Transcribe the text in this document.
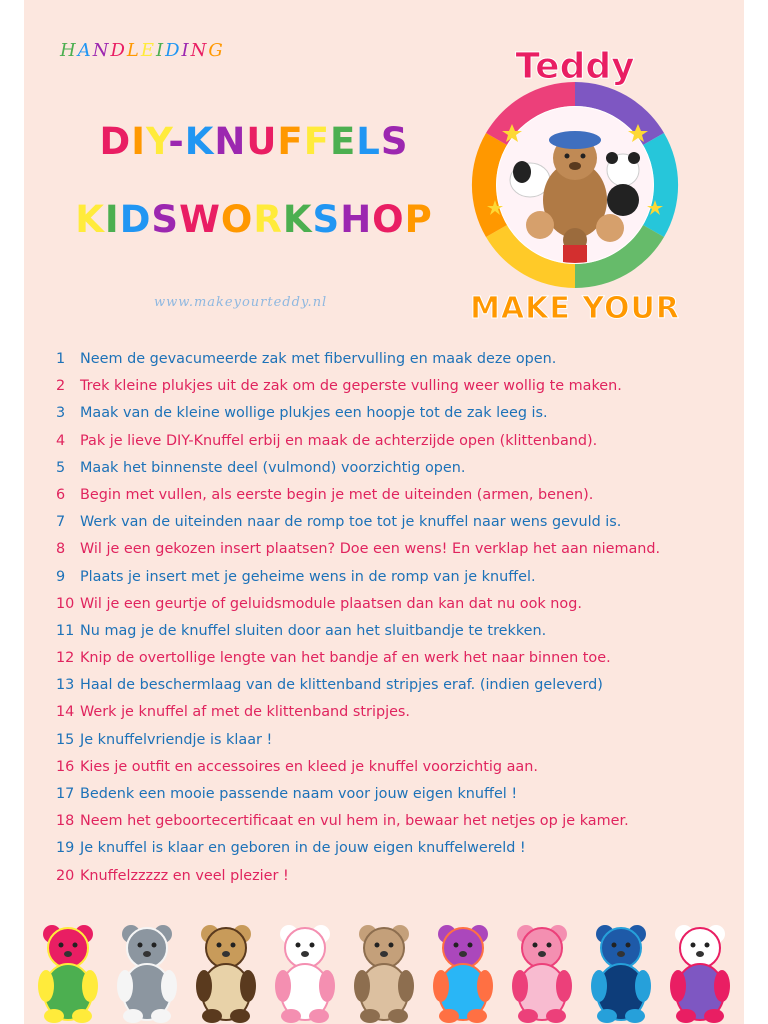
HANDLEIDING
DIY-KNUFFELS
KIDSWORKSHOP
www.makeyourteddy.nl
Teddy
MAKE YOUR
1 Neem de gevacumeerde zak met fibervulling en maak deze open.
2 Trek kleine plukjes uit de zak om de geperste vulling weer wollig te maken.
3 Maak van de kleine wollige plukjes een hoopje tot de zak leeg is.
4 Pak je lieve DIY-Knuffel erbij en maak de achterzijde open (klittenband).
5 Maak het binnenste deel (vulmond) voorzichtig open.
6 Begin met vullen, als eerste begin je met de uiteinden (armen, benen).
7 Werk van de uiteinden naar de romp toe tot je knuffel naar wens gevuld is.
8 Wil je een gekozen insert plaatsen? Doe een wens! En verklap het aan niemand.
9 Plaats je insert met je geheime wens in de romp van je knuffel.
10 Wil je een geurtje of geluidsmodule plaatsen dan kan dat nu ook nog.
11 Nu mag je de knuffel sluiten door aan het sluitbandje te trekken.
12 Knip de overtollige lengte van het bandje af en werk het naar binnen toe.
13 Haal de beschermlaag van de klittenband stripjes eraf. (indien geleverd)
14 Werk je knuffel af met de klittenband stripjes.
15 Je knuffelvriendje is klaar !
16 Kies je outfit en accessoires en kleed je knuffel voorzichtig aan.
17 Bedenk een mooie passende naam voor jouw eigen knuffel !
18 Neem het geboortecertificaat en vul hem in, bewaar het netjes op je kamer.
19 Je knuffel is klaar en geboren in de jouw eigen knuffelwereld !
20 Knuffelzzzzz en veel plezier !
